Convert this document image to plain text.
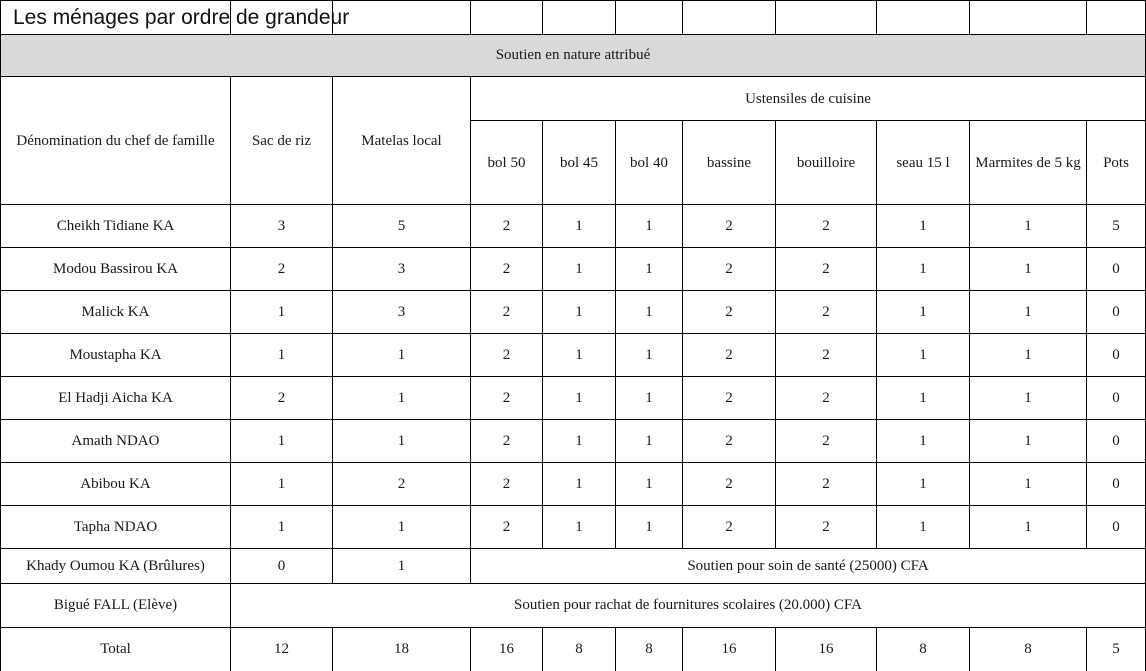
Les ménages par ordre de grandeur										
Soutien en nature attribué										
Dénomination du chef de famille	Sac de riz	Matelas local	Ustensiles de cuisine							
			bol 50	bol 45	bol 40	bassine	bouilloire	seau 15 l	Marmites de 5 kg	Pots
Cheikh Tidiane KA	3	5	2	1	1	2	2	1	1	5
Modou Bassirou KA	2	3	2	1	1	2	2	1	1	0
Malick KA	1	3	2	1	1	2	2	1	1	0
Moustapha KA	1	1	2	1	1	2	2	1	1	0
El Hadji Aicha KA	2	1	2	1	1	2	2	1	1	0
Amath NDAO	1	1	2	1	1	2	2	1	1	0
Abibou KA	1	2	2	1	1	2	2	1	1	0
Tapha NDAO	1	1	2	1	1	2	2	1	1	0
Khady Oumou KA (Brûlures)	0	1	Soutien pour soin de santé (25000) CFA							
Bigué FALL (Elève)	Soutien pour rachat de fournitures scolaires (20.000) CFA									
Total	12	18	16	8	8	16	16	8	8	5
